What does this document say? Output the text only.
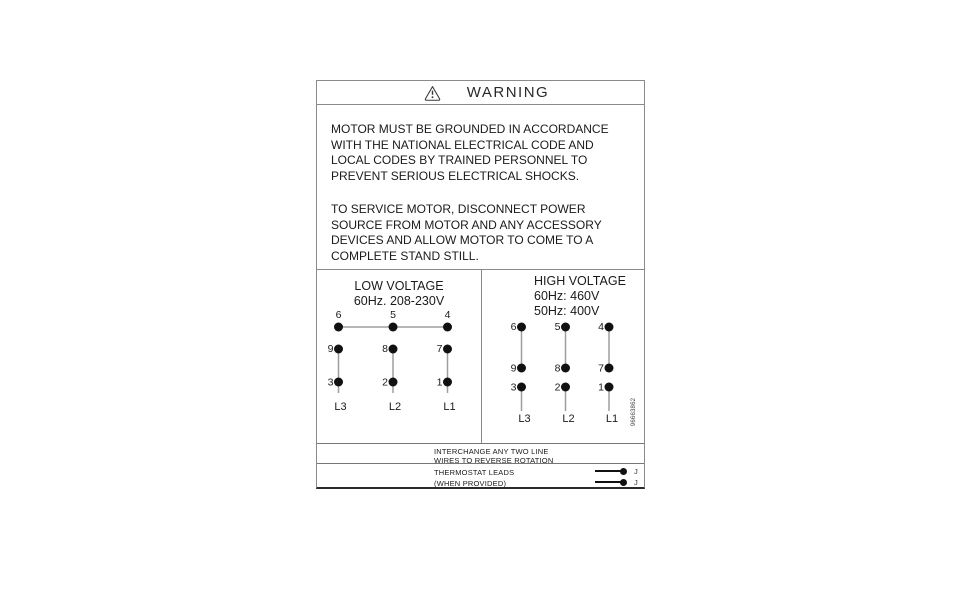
WARNING
MOTOR MUST BE GROUNDED IN ACCORDANCE
WITH THE NATIONAL ELECTRICAL CODE AND
LOCAL CODES BY TRAINED PERSONNEL TO
PREVENT SERIOUS ELECTRICAL SHOCKS.
TO SERVICE MOTOR, DISCONNECT POWER
SOURCE FROM MOTOR AND ANY ACCESSORY
DEVICES AND ALLOW MOTOR TO COME TO A
COMPLETE STAND STILL.
6
9
3
L3
5
8
2
L2
4
7
1
L1
LOW VOLTAGE
60Hz. 208-230V
6
9
3
L3
5
8
2
L2
4
7
1
L1
HIGH VOLTAGE
60Hz: 460V
50Hz: 400V
96663862
INTERCHANGE ANY TWO LINE
WIRES TO REVERSE ROTATION
THERMOSTAT LEADS
(WHEN PROVIDED)
J
J
